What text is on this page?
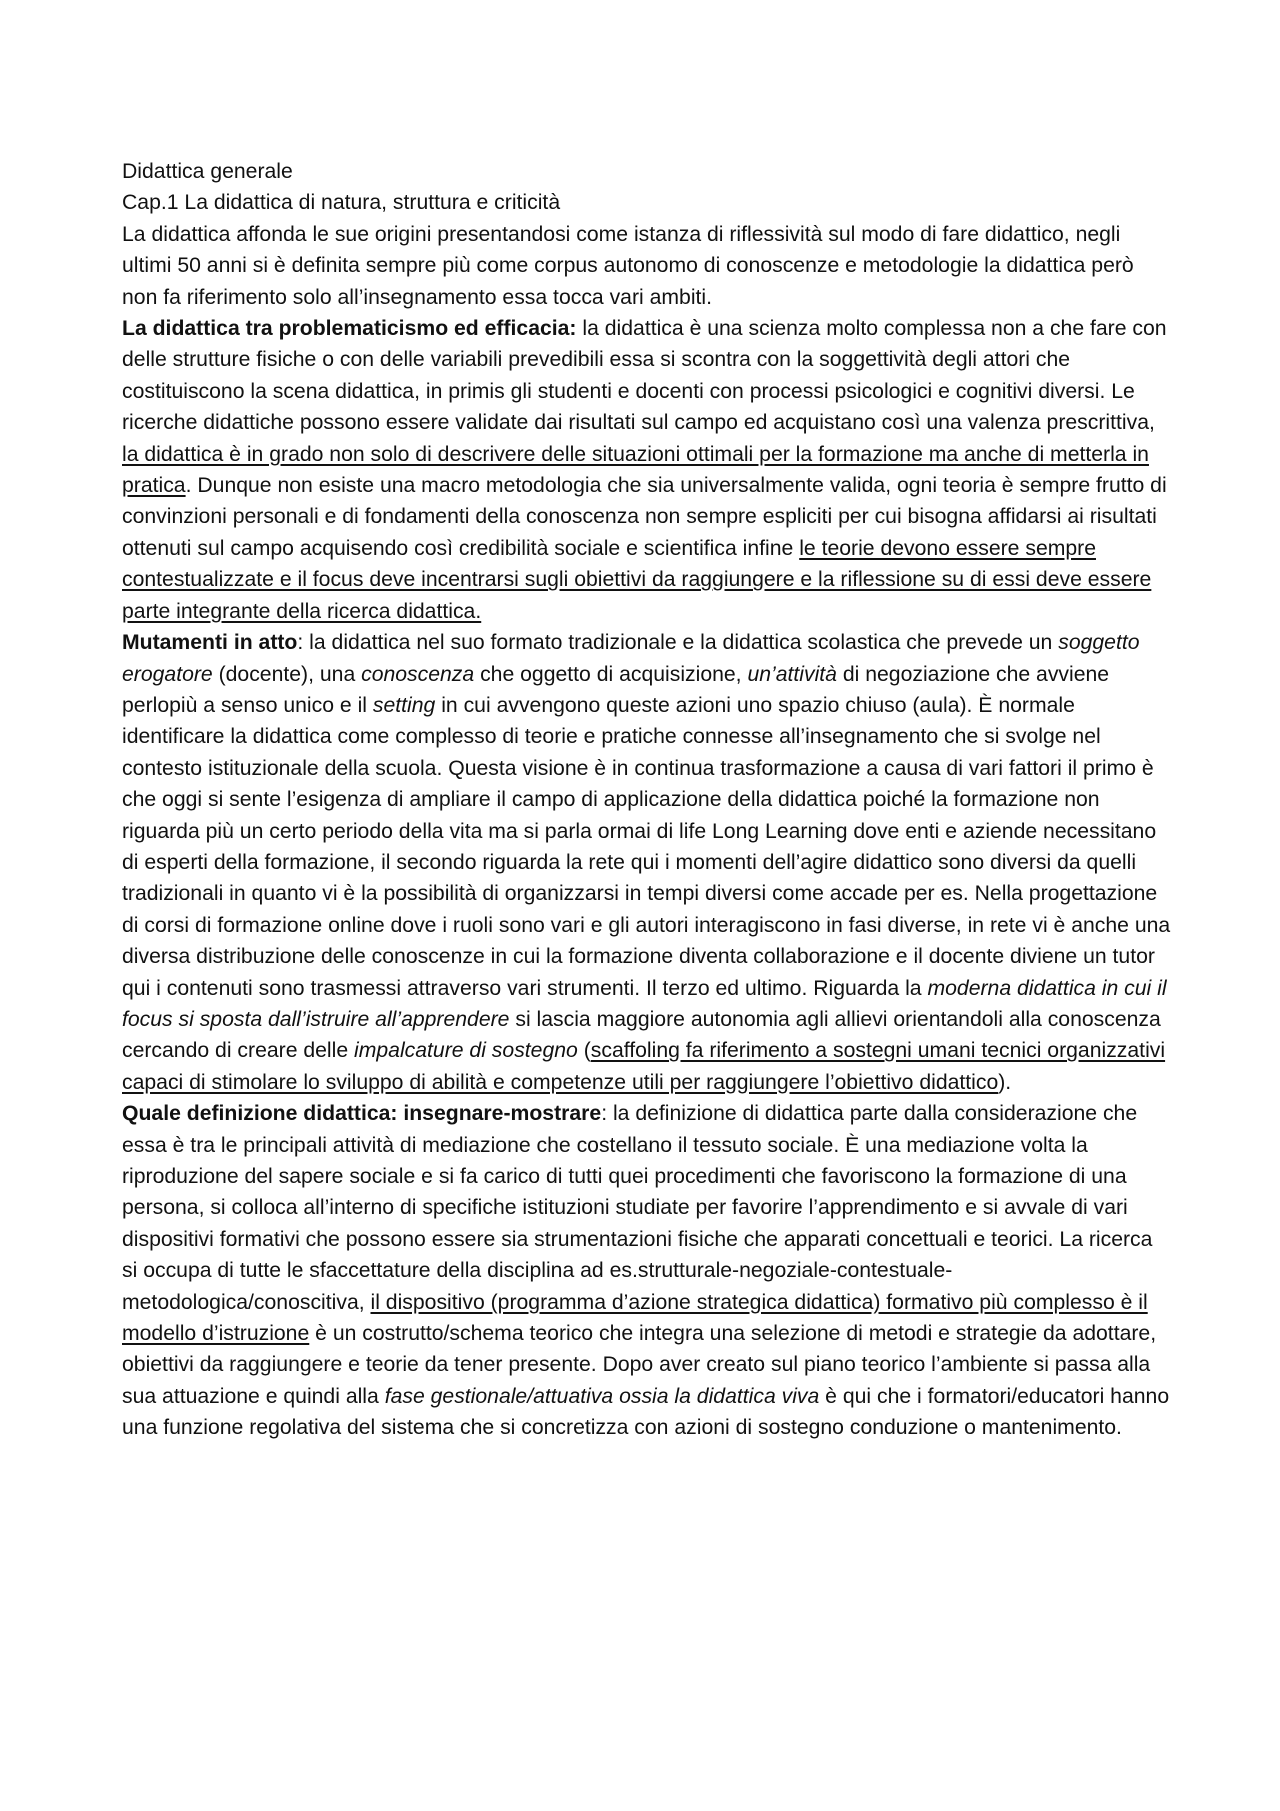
Didattica generale

Cap.1 La didattica di natura, struttura e criticità

La didattica affonda le sue origini presentandosi come istanza di riflessività sul modo di fare didattico, negli ultimi 50 anni si è definita sempre più come corpus autonomo di conoscenze e metodologie la didattica però non fa riferimento solo all’insegnamento essa tocca vari ambiti.

La didattica tra problematicismo ed efficacia: la didattica è una scienza molto complessa non a che fare con delle strutture fisiche o con delle variabili prevedibili essa si scontra con la soggettività degli attori che costituiscono la scena didattica, in primis gli studenti e docenti con processi psicologici e cognitivi diversi. Le ricerche didattiche possono essere validate dai risultati sul campo ed acquistano così una valenza prescrittiva, la didattica è in grado non solo di descrivere delle situazioni ottimali per la formazione ma anche di metterla in pratica. Dunque non esiste una macro metodologia che sia universalmente valida, ogni teoria è sempre frutto di convinzioni personali e di fondamenti della conoscenza non sempre espliciti per cui bisogna affidarsi ai risultati ottenuti sul campo acquisendo così credibilità sociale e scientifica infine le teorie devono essere sempre contestualizzate e il focus deve incentrarsi sugli obiettivi da raggiungere e la riflessione su di essi deve essere parte integrante della ricerca didattica.

Mutamenti in atto: la didattica nel suo formato tradizionale e la didattica scolastica che prevede un soggetto erogatore (docente), una conoscenza che oggetto di acquisizione, un’attività di negoziazione che avviene perlopiù a senso unico e il setting in cui avvengono queste azioni uno spazio chiuso (aula). È normale identificare la didattica come complesso di teorie e pratiche connesse all’insegnamento che si svolge nel contesto istituzionale della scuola. Questa visione è in continua trasformazione a causa di vari fattori il primo è che oggi si sente l’esigenza di ampliare il campo di applicazione della didattica poiché la formazione non riguarda più un certo periodo della vita ma si parla ormai di life Long Learning dove enti e aziende necessitano di esperti della formazione, il secondo riguarda la rete qui i momenti dell’agire didattico sono diversi da quelli tradizionali in quanto vi è la possibilità di organizzarsi in tempi diversi come accade per es. Nella progettazione di corsi di formazione online dove i ruoli sono vari e gli autori interagiscono in fasi diverse, in rete vi è anche una diversa distribuzione delle conoscenze in cui la formazione diventa collaborazione e il docente diviene un tutor qui i contenuti sono trasmessi attraverso vari strumenti. Il terzo ed ultimo. Riguarda la moderna didattica in cui il focus si sposta dall’istruire all’apprendere si lascia maggiore autonomia agli allievi orientandoli alla conoscenza cercando di creare delle impalcature di sostegno (scaffoling fa riferimento a sostegni umani tecnici organizzativi capaci di stimolare lo sviluppo di abilità e competenze utili per raggiungere l’obiettivo didattico).

Quale definizione didattica: insegnare-mostrare: la definizione di didattica parte dalla considerazione che essa è tra le principali attività di mediazione che costellano il tessuto sociale. È una mediazione volta la riproduzione del sapere sociale e si fa carico di tutti quei procedimenti che favoriscono la formazione di una persona, si colloca all’interno di specifiche istituzioni studiate per favorire l’apprendimento e si avvale di vari dispositivi formativi che possono essere sia strumentazioni fisiche che apparati concettuali e teorici. La ricerca si occupa di tutte le sfaccettature della disciplina ad es.strutturale-negoziale-contestuale-metodologica/conoscitiva, il dispositivo (programma d’azione strategica didattica) formativo più complesso è il modello d’istruzione è un costrutto/schema teorico che integra una selezione di metodi e strategie da adottare, obiettivi da raggiungere e teorie da tener presente. Dopo aver creato sul piano teorico l’ambiente si passa alla sua attuazione e quindi alla fase gestionale/attuativa ossia la didattica viva è qui che i formatori/educatori hanno una funzione regolativa del sistema che si concretizza con azioni di sostegno conduzione o mantenimento.
